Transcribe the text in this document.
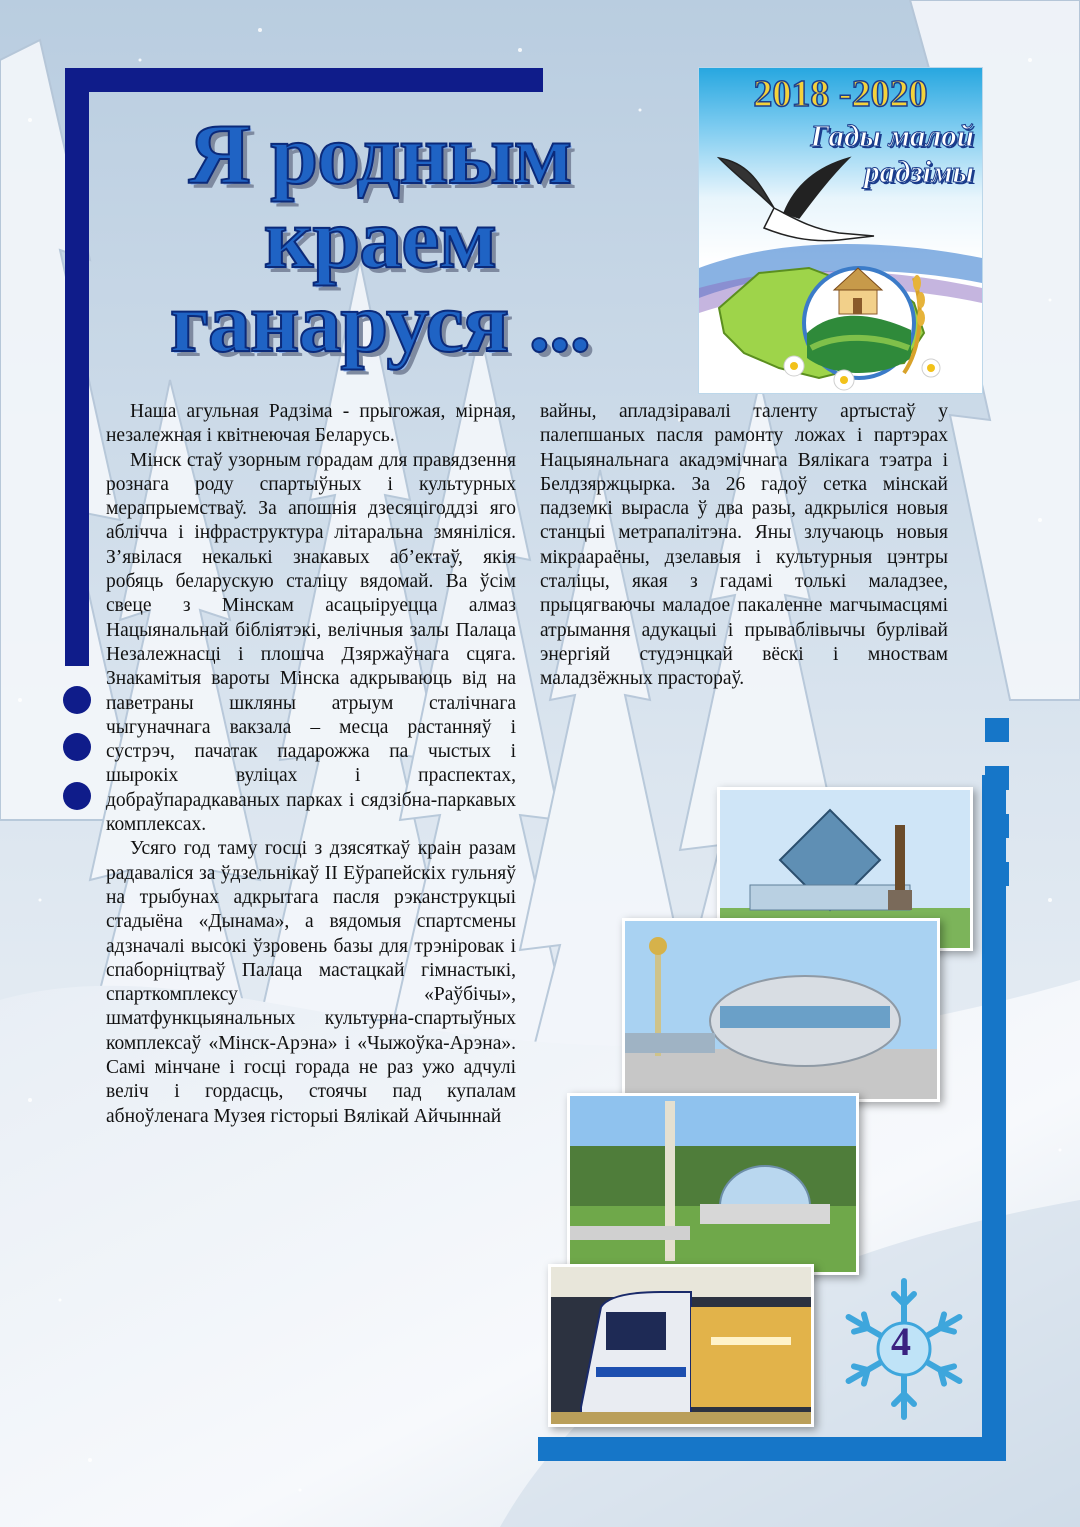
Я родным
краем
ганаруся ...
2018 -2020
Гады малой
радзімы

Наша агульная Радзіма - прыгожая, мірная, незалежная і квітнеючая Беларусь.

Мінск стаў узорным горадам для правядзення рознага роду спартыўных і культурных мерапрыемстваў. За апошнія дзесяцігоддзі яго аблічча і інфраструктура літаральна змяніліся. З’явілася некалькі знакавых аб’ектаў, якія робяць беларускую сталіцу вядомай. Ва ўсім свеце з Мінскам асацыіруецца алмаз Нацыянальнай бібліятэкі, велічныя залы Палаца Незалежнасці і плошча Дзяржаўнага сцяга. Знакамітыя вароты Мінска адкрываюць від на паветраны шкляны атрыум сталічнага чыгуначнага вакзала – месца растанняў і сустрэч, пачатак падарожжа па чыстых і шырокіх вуліцах і праспектах, добраўпарадкаваных парках і сядзібна-паркавых комплексах.

Усяго год таму госці з дзясяткаў краін разам радаваліся за ўдзельнікаў II Еўрапейскіх гульняў на трыбунах адкрытага пасля рэканструкцыі стадыёна «Дынама», а вядомыя спартсмены адзначалі высокі ўзровень базы для трэніровак і спаборніцтваў Палаца мастацкай гімнастыкі, спарткомплексу «Раўбічы», шматфункцыянальных культурна-спартыўных комплексаў «Мінск-Арэна» і «Чыжоўка-Арэна». Самі мінчане і госці горада не раз ужо адчулі веліч і гордасць, стоячы пад купалам абноўленага Музея гісторыі Вялікай Айчыннай

вайны, апладзіравалі таленту артыстаў у палепшаных пасля рамонту ложах і партэрах Нацыянальнага акадэмічнага Вялікага тэатра і Белдзяржцырка. За 26 гадоў сетка мінскай падземкі вырасла ў два разы, адкрыліся новыя станцыі метрапалітэна. Яны злучаюць новыя мікраараёны, дзелавыя і культурныя цэнтры сталіцы, якая з гадамі толькі маладзее, прыцягваючы маладое пакаленне магчымасцямі атрымання адукацыі і прываблівычы бурлівай энергіяй студэнцкай вёскі і мноствам маладзёжных прастораў.

4
